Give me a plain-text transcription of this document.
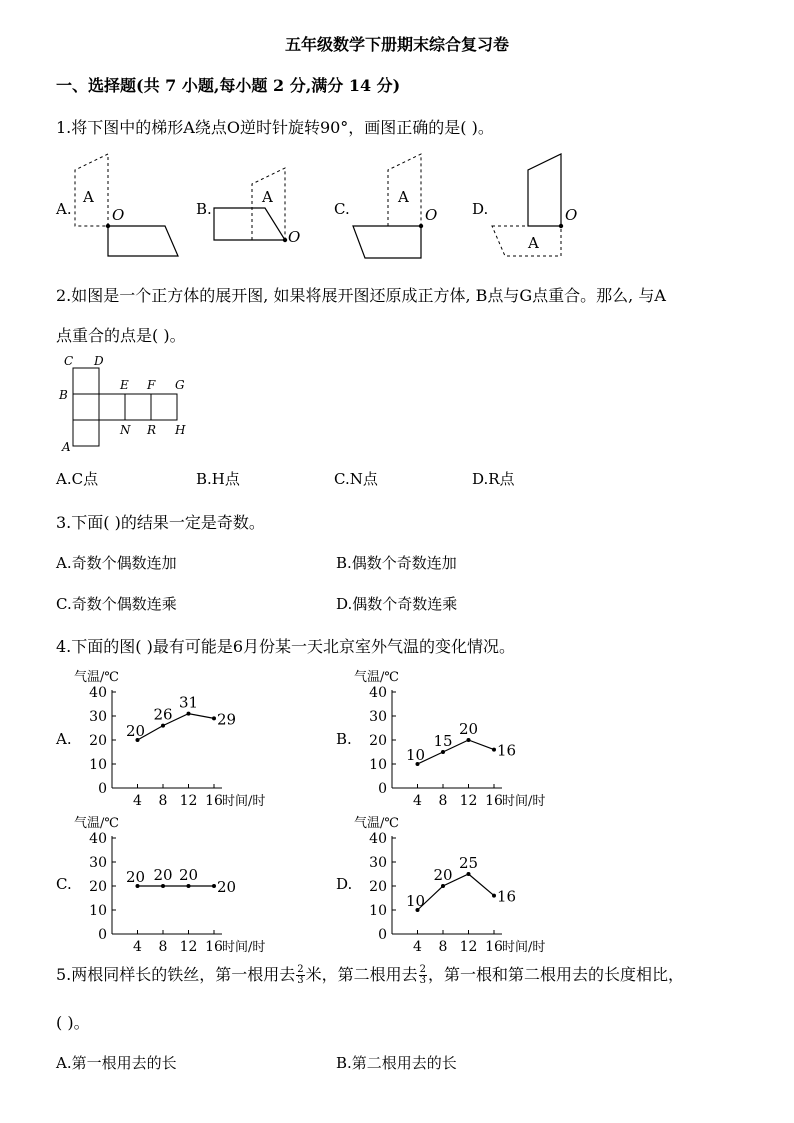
五年级数学下册期末综合复习卷
一、选择题(共 7 小题,每小题 2 分,满分 14 分)
1.将下图中的梯形A绕点O逆时针旋转90°，画图正确的是( )。
A.	B.	C.	D.
A
O
A
O
A
O
A
O
2.如图是一个正方体的展开图, 如果将展开图还原成正方体, B点与G点重合。那么, 与A
点重合的点是( )。
C D
B
E F G
A
N R H
A.C点	B.H点	C.N点	D.R点
3.下面( )的结果一定是奇数。
A.奇数个偶数连加	B.偶数个奇数连加
C.奇数个偶数连乘	D.偶数个奇数连乘
4.下面的图( )最有可能是6月份某一天北京室外气温的变化情况。
A.	B.
C.	D.
气温/℃
0
10
20
30
40
4 8 12 16 时间/时
20
26
31
29
气温/℃
0
10
20
30
40
4 8 12 16 时间/时
10
15
20
16
气温/℃
0
10
20
30
40
4 8 12 16 时间/时
20 20 20
20
气温/℃
0
10
20
30
40
4 8 12 16 时间/时
10
20
25
16
5.两根同样长的铁丝，第一根用去 $\frac{2}{3}$ 米，第二根用去 $\frac{2}{3}$ ，第一根和第二根用去的长度相比，
( )。
A.第一根用去的长	B.第二根用去的长
